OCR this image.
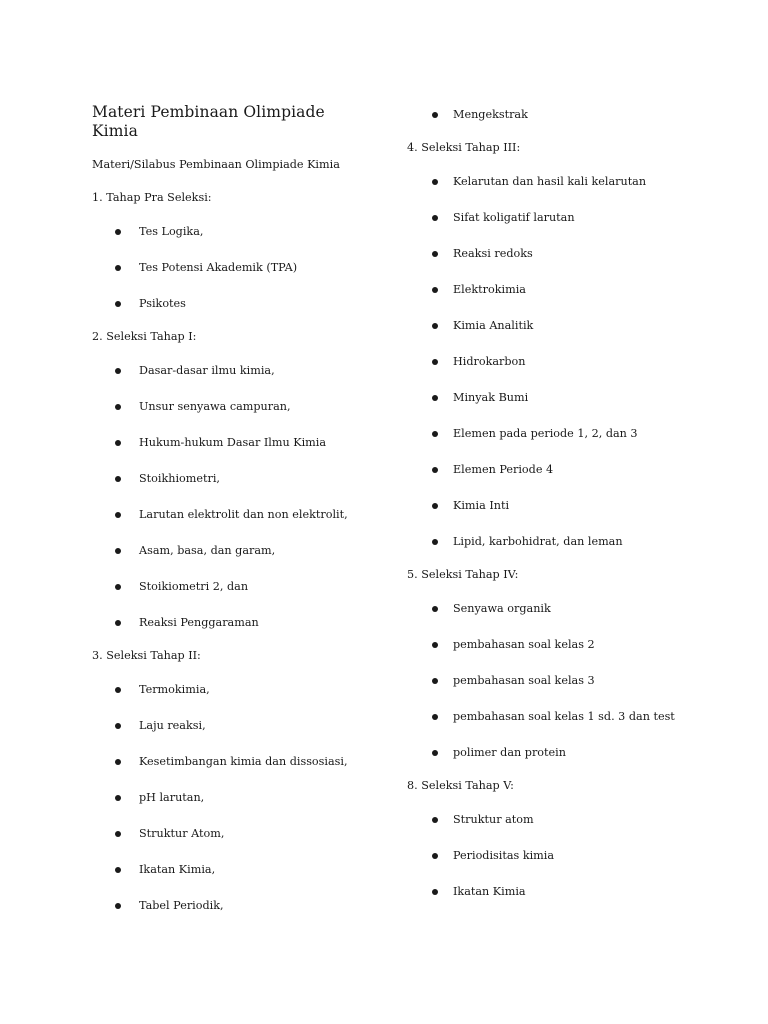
Materi Pembinaan Olimpiade Kimia

Materi/Silabus Pembinaan Olimpiade Kimia

1. Tahap Pra Seleksi:

Tes Logika,
Tes Potensi Akademik (TPA)
Psikotes

2. Seleksi Tahap I:

Dasar-dasar ilmu kimia,
Unsur senyawa campuran,
Hukum-hukum Dasar Ilmu Kimia
Stoikhiometri,
Larutan elektrolit dan non elektrolit,
Asam, basa, dan garam,
Stoikiometri 2, dan
Reaksi Penggaraman

3. Seleksi Tahap II:

Termokimia,
Laju reaksi,
Kesetimbangan kimia dan dissosiasi,
pH larutan,
Struktur Atom,
Ikatan Kimia,
Tabel Periodik,
Mengekstrak

4. Seleksi Tahap III:

Kelarutan dan hasil kali kelarutan
Sifat koligatif larutan
Reaksi redoks
Elektrokimia
Kimia Analitik
Hidrokarbon
Minyak Bumi
Elemen pada periode 1, 2, dan 3
Elemen Periode 4
Kimia Inti
Lipid, karbohidrat, dan leman

5. Seleksi Tahap IV:

Senyawa organik
pembahasan soal kelas 2
pembahasan soal kelas 3
pembahasan soal kelas 1 sd. 3 dan test
polimer dan protein

8. Seleksi Tahap V:

Struktur atom
Periodisitas kimia
Ikatan Kimia
